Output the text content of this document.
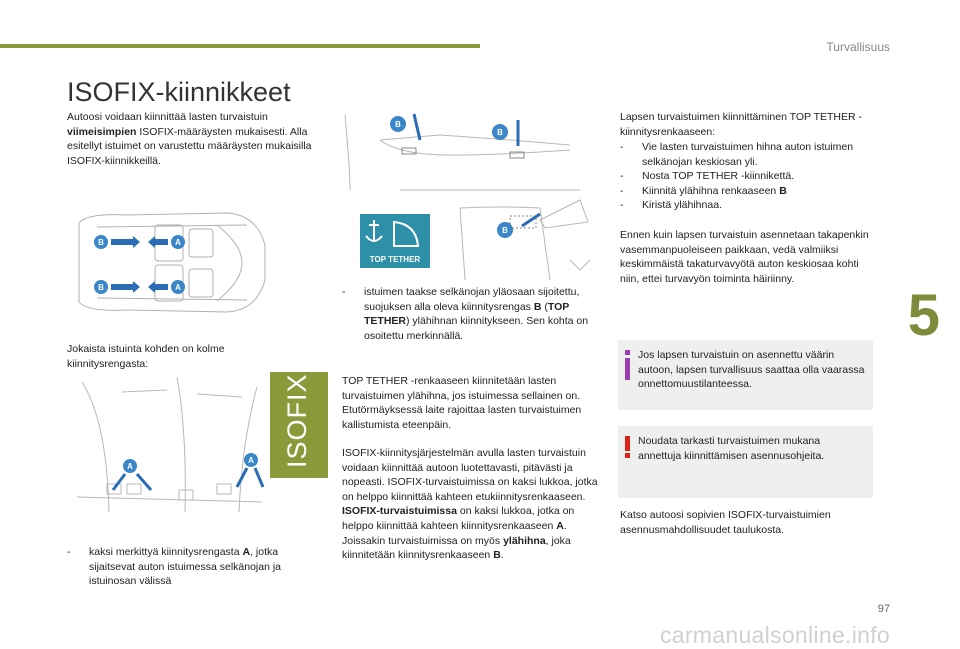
Turvallisuus
5
ISOFIX-kiinnikkeet
Autoosi voidaan kiinnittää lasten turvaistuin viimeisimpien ISOFIX-määräysten mukaisesti. Alla esitellyt istuimet on varustettu määräysten mukaisilla ISOFIX-kiinnikkeillä.
B
B
A
A
Jokaista istuinta kohden on kolme kiinnitysrengasta:
A
A ISOFIX
-	kaksi merkittyä kiinnitysrengasta A, jotka sijaitsevat auton istuimessa selkänojan ja istuinosan välissä
B
B
B
TOP TETHER
-	istuimen taakse selkänojan yläosaan sijoitettu, suojuksen alla oleva kiinnitysrengas B (TOP TETHER) ylähihnan kiinnitykseen. Sen kohta on osoitettu merkinnällä.
TOP TETHER -renkaaseen kiinnitetään lasten turvaistuimen ylähihna, jos istuimessa sellainen on. Etutörmäyksessä laite rajoittaa lasten turvaistuimen kallistumista eteenpäin.
ISOFIX-kiinnitysjärjestelmän avulla lasten turvaistuin voidaan kiinnittää autoon luotettavasti, pitävästi ja nopeasti. ISOFIX-turvaistuimissa on kaksi lukkoa, jotka on helppo kiinnittää kahteen etukiinnitysrenkaaseen.
ISOFIX-turvaistuimissa on kaksi lukkoa, jotka on helppo kiinnittää kahteen kiinnitysrenkaaseen A.
Joissakin turvaistuimissa on myös ylähihna, joka kiinnitetään kiinnitysrenkaaseen B.
Lapsen turvaistuimen kiinnittäminen TOP TETHER -kiinnitysrenkaaseen:
-	Vie lasten turvaistuimen hihna auton istuimen selkänojan keskiosan yli.
-	Nosta TOP TETHER -kiinnikettä.
-	Kiinnitä ylähihna renkaaseen B
-	Kiristä ylähihnaa.
Ennen kuin lapsen turvaistuin asennetaan takapenkin vasemmanpuoleiseen paikkaan, vedä valmiiksi keskimmäistä takaturvavyötä auton keskiosaa kohti niin, ettei turvavyön toiminta häiriinny.
Jos lapsen turvaistuin on asennettu väärin autoon, lapsen turvallisuus saattaa olla vaarassa onnettomuustilanteessa.
Noudata tarkasti turvaistuimen mukana annettuja kiinnittämisen asennusohjeita.
Katso autoosi sopivien ISOFIX-turvaistuimien asennusmahdollisuudet taulukosta.
97
carmanualsonline.info
